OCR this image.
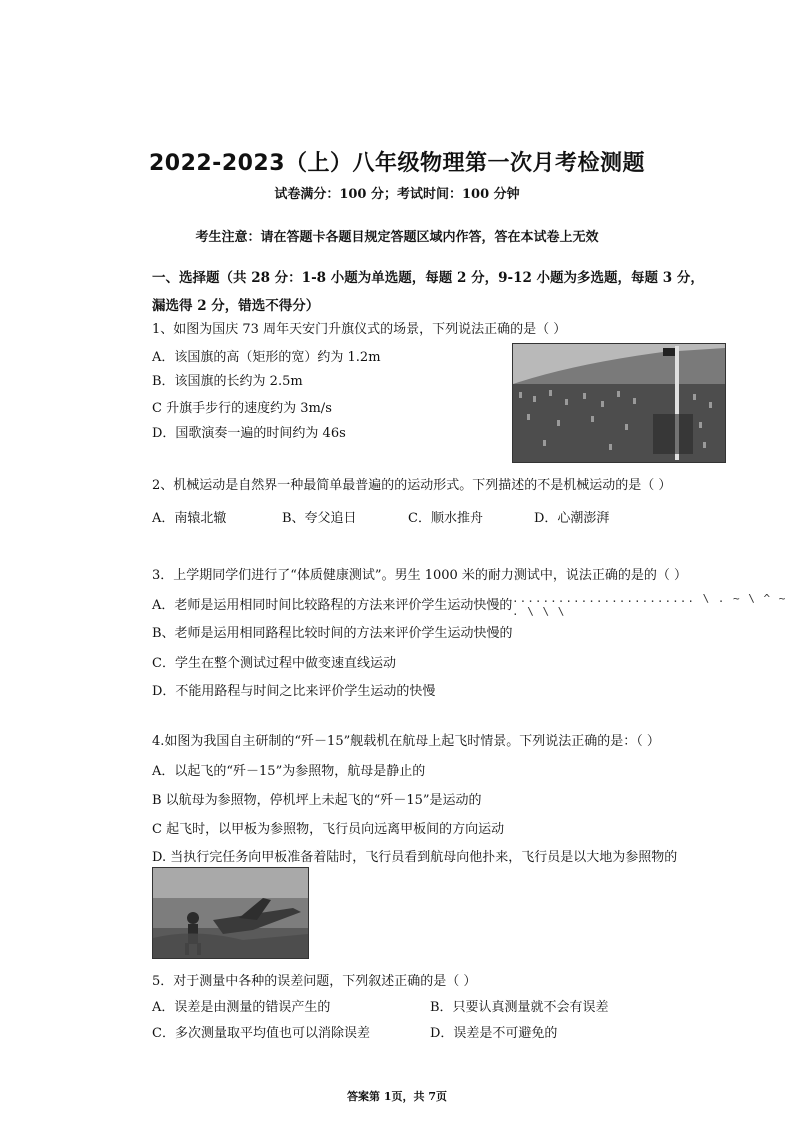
2022-2023（上）八年级物理第一次月考检测题
试卷满分：100 分；考试时间：100 分钟
考生注意：请在答题卡各题目规定答题区域内作答，答在本试卷上无效
一、选择题（共 28 分：1-8 小题为单选题，每题 2 分，9-12 小题为多选题，每题 3 分，漏选得 2 分，错选不得分）
1、如图为国庆 73 周年天安门升旗仪式的场景，下列说法正确的是（ ）
A．该国旗的高（矩形的宽）约为 1.2m
B．该国旗的长约为 2.5m
C 升旗手步行的速度约为 3m/s
D．国歌演奏一遍的时间约为 46s
2、机械运动是自然界一种最简单最普遍的的运动形式。下列描述的不是机械运动的是（ ）
A．南辕北辙	B、夸父追日	C．顺水推舟	D．心潮澎湃
3．上学期同学们进行了“体质健康测试”。男生 1000 米的耐力测试中，说法正确的是的（ ）
A．老师是运用相同时间比较路程的方法来评价学生运动快慢的 ........................ \ . ~ \ ^ ~ . \ \ \
B、老师是运用相同路程比较时间的方法来评价学生运动快慢的
C．学生在整个测试过程中做变速直线运动
D．不能用路程与时间之比来评价学生运动的快慢
4.如图为我国自主研制的“歼－15”舰载机在航母上起飞时情景。下列说法正确的是：（ ）
A．以起飞的“歼－15”为参照物，航母是静止的
B 以航母为参照物，停机坪上未起飞的“歼－15”是运动的
C 起飞时，以甲板为参照物，飞行员向远离甲板间的方向运动
D. 当执行完任务向甲板准备着陆时，飞行员看到航母向他扑来，飞行员是以大地为参照物的
5．对于测量中各种的误差问题，下列叙述正确的是（ ）
A．误差是由测量的错误产生的	B．只要认真测量就不会有误差
C．多次测量取平均值也可以消除误差	D．误差是不可避免的
答案第 1页，共 7页
